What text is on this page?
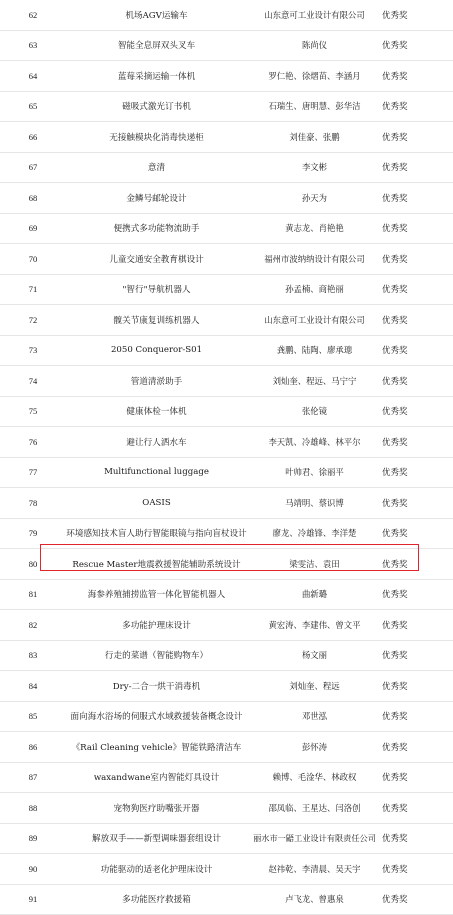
62	机场AGV运输车	山东意可工业设计有限公司	优秀奖
63	智能全息屏双头叉车	陈尚仪	优秀奖
64	蓝莓采摘运输一体机	罗仁艳、徐熠苗、李涵月	优秀奖
65	磁吸式激光订书机	石瑞生、唐明慧、彭华洁	优秀奖
66	无接触模块化消毒快递柜	刘佳豪、张鹏	优秀奖
67	意清	李文彬	优秀奖
68	金鳞号邮轮设计	孙天为	优秀奖
69	便携式多功能物流助手	黄志龙、肖艳艳	优秀奖
70	儿童交通安全教育棋设计	福州市波纳纳设计有限公司	优秀奖
71	"智行"导航机器人	孙孟楠、商艳丽	优秀奖
72	髋关节康复训练机器人	山东意可工业设计有限公司	优秀奖
73	2050 Conqueror-S01	龚鹏、陆陶、廖承璁	优秀奖
74	管道清淤助手	刘灿奎、程远、马宁宁	优秀奖
75	健康体检一体机	张伦镜	优秀奖
76	避让行人洒水车	李天凯、冷雄峰、林平尔	优秀奖
77	Multifunctional luggage	叶帅君、徐丽平	优秀奖
78	OASIS	马靖明、蔡识博	优秀奖
79	环境感知技术盲人助行智能眼镜与指向盲杖设计	廖龙、冷雄锋、李洋楚	优秀奖
80	Rescue Master地震救援智能辅助系统设计	梁雯洁、袁田	优秀奖
81	海参养殖捕捞监管一体化智能机器人	曲新璐	优秀奖
82	多功能护理床设计	黄宏涛、李建伟、曾文平	优秀奖
83	行走的菜谱（智能购物车）	杨文丽	优秀奖
84	Dry-二合一烘干消毒机	刘灿奎、程远	优秀奖
85	面向海水浴场的伺服式水域救援装备概念设计	邓世泓	优秀奖
86	《Rail Cleaning vehicle》智能铁路清洁车	彭怀涛	优秀奖
87	waxandwane室内智能灯具设计	赖博、毛淦华、林政权	优秀奖
88	宠物狗医疗助嘴张开器	邵凤临、王星达、闫洛创	优秀奖
89	解放双手——新型调味器套组设计	丽水市一鼯工业设计有限责任公司	优秀奖
90	功能驱动的适老化护理床设计	赵祎乾、李清晨、吴天宇	优秀奖
91	多功能医疗救援箱	卢飞龙、曾惠泉	优秀奖
